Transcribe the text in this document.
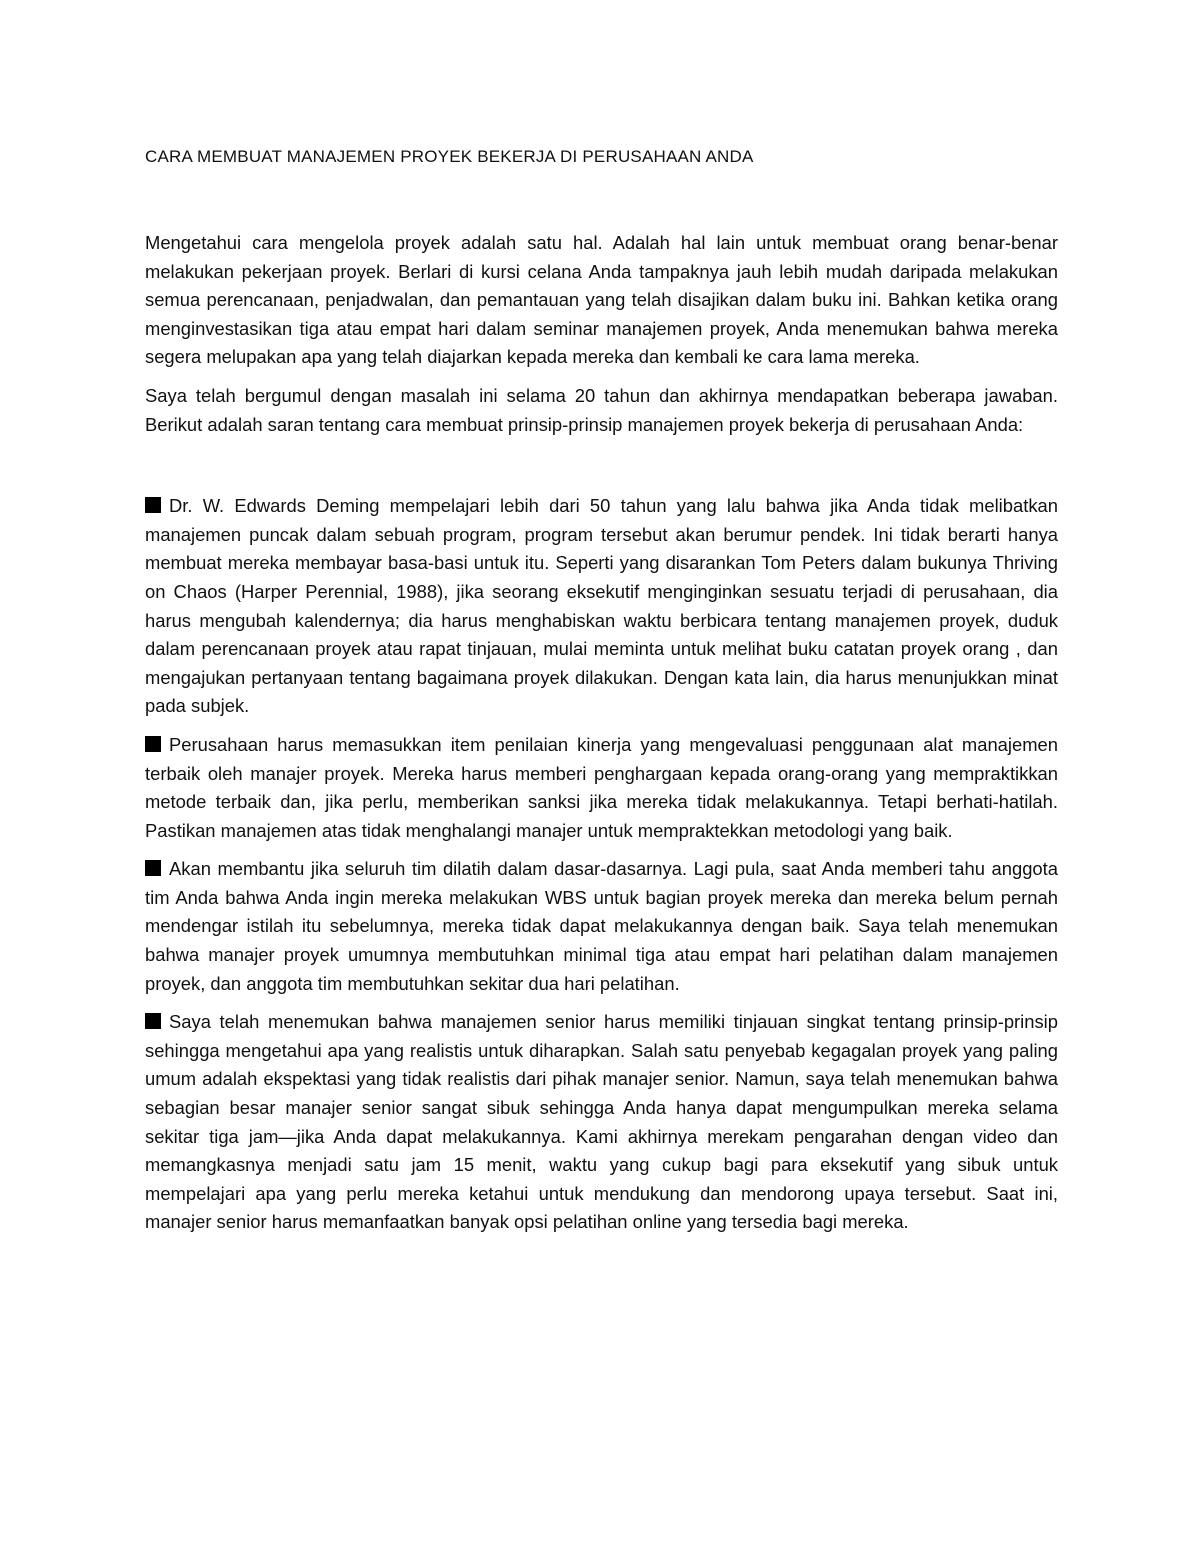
CARA MEMBUAT MANAJEMEN PROYEK BEKERJA DI PERUSAHAAN ANDA

Mengetahui cara mengelola proyek adalah satu hal. Adalah hal lain untuk membuat orang benar-benar melakukan pekerjaan proyek. Berlari di kursi celana Anda tampaknya jauh lebih mudah daripada melakukan semua perencanaan, penjadwalan, dan pemantauan yang telah disajikan dalam buku ini. Bahkan ketika orang menginvestasikan tiga atau empat hari dalam seminar manajemen proyek, Anda menemukan bahwa mereka segera melupakan apa yang telah diajarkan kepada mereka dan kembali ke cara lama mereka.

Saya telah bergumul dengan masalah ini selama 20 tahun dan akhirnya mendapatkan beberapa jawaban. Berikut adalah saran tentang cara membuat prinsip-prinsip manajemen proyek bekerja di perusahaan Anda:

Dr. W. Edwards Deming mempelajari lebih dari 50 tahun yang lalu bahwa jika Anda tidak melibatkan manajemen puncak dalam sebuah program, program tersebut akan berumur pendek. Ini tidak berarti hanya membuat mereka membayar basa-basi untuk itu. Seperti yang disarankan Tom Peters dalam bukunya Thriving on Chaos (Harper Perennial, 1988), jika seorang eksekutif menginginkan sesuatu terjadi di perusahaan, dia harus mengubah kalendernya; dia harus menghabiskan waktu berbicara tentang manajemen proyek, duduk dalam perencanaan proyek atau rapat tinjauan, mulai meminta untuk melihat buku catatan proyek orang , dan mengajukan pertanyaan tentang bagaimana proyek dilakukan. Dengan kata lain, dia harus menunjukkan minat pada subjek.

Perusahaan harus memasukkan item penilaian kinerja yang mengevaluasi penggunaan alat manajemen terbaik oleh manajer proyek. Mereka harus memberi penghargaan kepada orang-orang yang mempraktikkan metode terbaik dan, jika perlu, memberikan sanksi jika mereka tidak melakukannya. Tetapi berhati-hatilah. Pastikan manajemen atas tidak menghalangi manajer untuk mempraktekkan metodologi yang baik.

Akan membantu jika seluruh tim dilatih dalam dasar-dasarnya. Lagi pula, saat Anda memberi tahu anggota tim Anda bahwa Anda ingin mereka melakukan WBS untuk bagian proyek mereka dan mereka belum pernah mendengar istilah itu sebelumnya, mereka tidak dapat melakukannya dengan baik. Saya telah menemukan bahwa manajer proyek umumnya membutuhkan minimal tiga atau empat hari pelatihan dalam manajemen proyek, dan anggota tim membutuhkan sekitar dua hari pelatihan.

Saya telah menemukan bahwa manajemen senior harus memiliki tinjauan singkat tentang prinsip-prinsip sehingga mengetahui apa yang realistis untuk diharapkan. Salah satu penyebab kegagalan proyek yang paling umum adalah ekspektasi yang tidak realistis dari pihak manajer senior. Namun, saya telah menemukan bahwa sebagian besar manajer senior sangat sibuk sehingga Anda hanya dapat mengumpulkan mereka selama sekitar tiga jam—jika Anda dapat melakukannya. Kami akhirnya merekam pengarahan dengan video dan memangkasnya menjadi satu jam 15 menit, waktu yang cukup bagi para eksekutif yang sibuk untuk mempelajari apa yang perlu mereka ketahui untuk mendukung dan mendorong upaya tersebut. Saat ini, manajer senior harus memanfaatkan banyak opsi pelatihan online yang tersedia bagi mereka.
